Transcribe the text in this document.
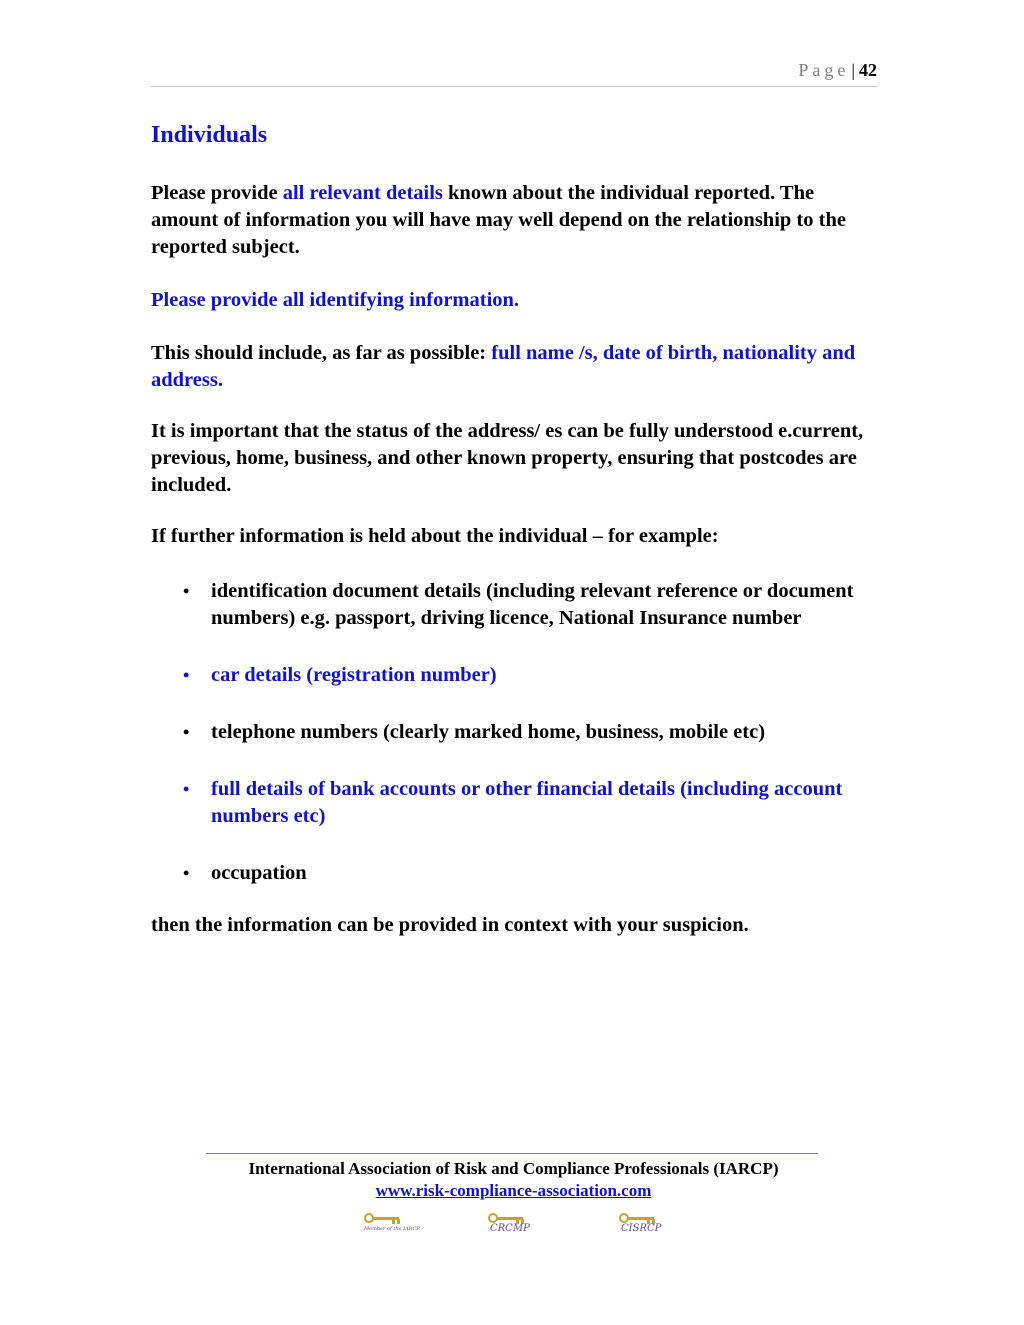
Page | 42
Individuals

Please provide all relevant details known about the individual reported. The amount of information you will have may well depend on the relationship to the reported subject.

Please provide all identifying information.

This should include, as far as possible: full name /s, date of birth, nationality and address.

It is important that the status of the address/ es can be fully understood e.current, previous, home, business, and other known property, ensuring that postcodes are included.

If further information is held about the individual – for example:

• identification document details (including relevant reference or document numbers) e.g. passport, driving licence, National Insurance number
• car details (registration number)
• telephone numbers (clearly marked home, business, mobile etc)
• full details of bank accounts or other financial details (including account numbers etc)
• occupation

then the information can be provided in context with your suspicion.

International Association of Risk and Compliance Professionals (IARCP)
www.risk-compliance-association.com
Member of the IARCP	CRCMP	CISRCP
